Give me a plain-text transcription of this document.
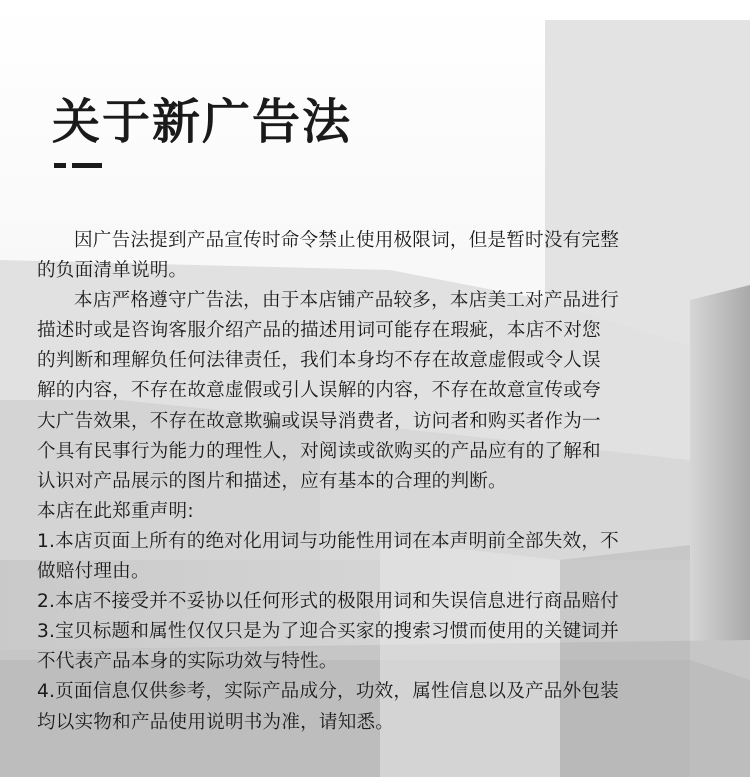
关于新广告法
因广告法提到产品宣传时命令禁止使用极限词，但是暂时没有完整
的负面清单说明。
本店严格遵守广告法，由于本店铺产品较多，本店美工对产品进行
描述时或是咨询客服介绍产品的描述用词可能存在瑕疵，本店不对您
的判断和理解负任何法律责任，我们本身均不存在故意虚假或令人误
解的内容，不存在故意虚假或引人误解的内容，不存在故意宣传或夸
大广告效果，不存在故意欺骗或误导消费者，访问者和购买者作为一
个具有民事行为能力的理性人，对阅读或欲购买的产品应有的了解和
认识对产品展示的图片和描述，应有基本的合理的判断。
本店在此郑重声明:
1.本店页面上所有的绝对化用词与功能性用词在本声明前全部失效，不
做赔付理由。
2.本店不接受并不妥协以任何形式的极限用词和失误信息进行商品赔付
3.宝贝标题和属性仅仅只是为了迎合买家的搜索习惯而使用的关键词并
不代表产品本身的实际功效与特性。
4.页面信息仅供参考，实际产品成分，功效，属性信息以及产品外包装
均以实物和产品使用说明书为准，请知悉。
